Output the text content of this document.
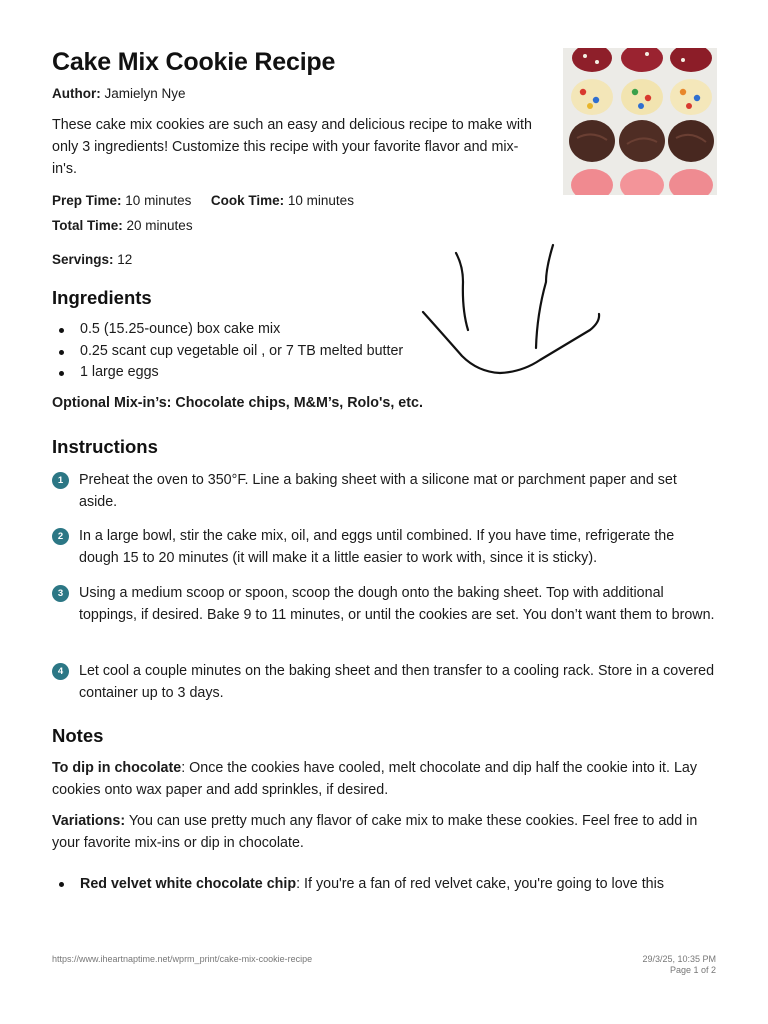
Cake Mix Cookie Recipe
Author: Jamielyn Nye

These cake mix cookies are such an easy and delicious recipe to make with only 3 ingredients! Customize this recipe with your favorite flavor and mix-in's.

Prep Time: 10 minutes Cook Time: 10 minutes
Total Time: 20 minutes
Servings: 12
Ingredients
0.5 (15.25-ounce) box cake mix
0.25 scant cup vegetable oil , or 7 TB melted butter
1 large eggs
Optional Mix-in’s: Chocolate chips, M&M’s, Rolo's, etc.
Instructions
1	Preheat the oven to 350°F. Line a baking sheet with a silicone mat or parchment paper and set aside.

2	In a large bowl, stir the cake mix, oil, and eggs until combined. If you have time, refrigerate the dough 15 to 20 minutes (it will make it a little easier to work with, since it is sticky).

3	Using a medium scoop or spoon, scoop the dough onto the baking sheet. Top with additional toppings, if desired. Bake 9 to 11 minutes, or until the cookies are set. You don’t want them to brown.

4	Let cool a couple minutes on the baking sheet and then transfer to a cooling rack. Store in a covered container up to 3 days.

Notes

To dip in chocolate: Once the cookies have cooled, melt chocolate and dip half the cookie into it. Lay cookies onto wax paper and add sprinkles, if desired.

Variations: You can use pretty much any flavor of cake mix to make these cookies. Feel free to add in your favorite mix-ins or dip in chocolate.

Red velvet white chocolate chip: If you're a fan of red velvet cake, you're going to love this
https://www.iheartnaptime.net/wprm_print/cake-mix-cookie-recipe	29/3/25, 10:35 PM
Page 1 of 2
